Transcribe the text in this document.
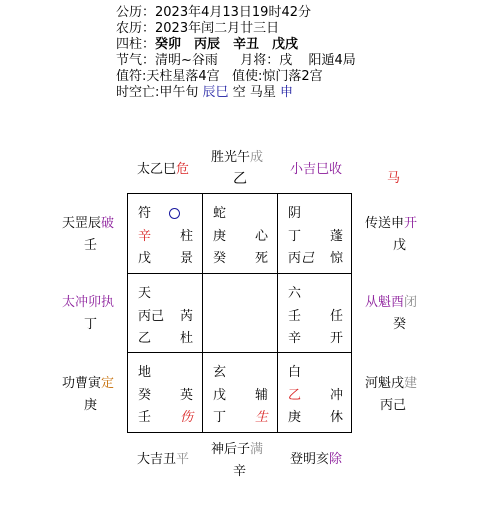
公历：2023年4月13日19时42分
农历：2023年闰二月廿三日
四柱：癸卯　丙辰　辛丑　戊戌
节气：清明~谷雨 月将：戌 阳遁4局
值符:天柱星落4宫 值使:惊门落2宫
时空亡:甲午旬 辰巳 空 马星 申
太乙巳危
胜光午成
乙
小吉巳收
马
天罡辰破
壬
太冲卯执
丁
功曹寅定
庚
传送申开
戊
从魁酉闭
癸
河魁戌建
丙己
大吉丑平
神后子满
辛
登明亥除
符
辛 柱
戊 景
蛇
庚 心
癸 死
阴
丁 蓬
丙己 惊
天
丙己 芮
乙 杜
六
壬 任
辛 开
地
癸 英
壬 伤
玄
戊 辅
丁 生
白
乙 冲
庚 休
